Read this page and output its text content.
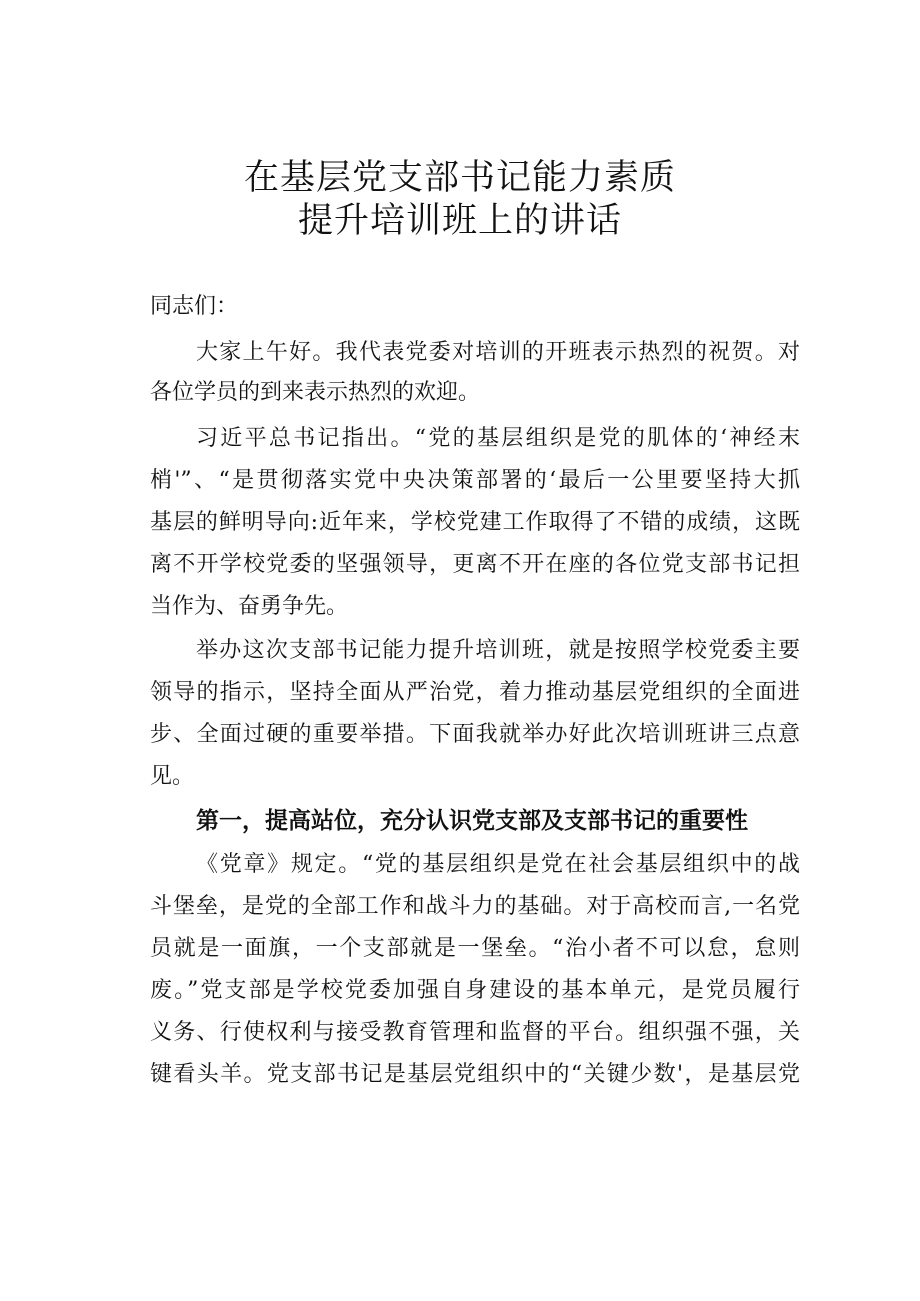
在基层党支部书记能力素质
提升培训班上的讲话
同志们：
大家上午好。我代表党委对培训的开班表示热烈的祝贺。对
各位学员的到来表示热烈的欢迎。
习近平总书记指出。“党的基层组织是党的肌体的‘神经末
梢'”、“是贯彻落实党中央决策部署的‘最后一公里要坚持大抓
基层的鲜明导向:近年来，学校党建工作取得了不错的成绩，这既
离不开学校党委的坚强领导，更离不开在座的各位党支部书记担
当作为、奋勇争先。
举办这次支部书记能力提升培训班，就是按照学校党委主要
领导的指示，坚持全面从严治党，着力推动基层党组织的全面进
步、全面过硬的重要举措。下面我就举办好此次培训班讲三点意
见。
第一，提高站位，充分认识党支部及支部书记的重要性
《党章》规定。“党的基层组织是党在社会基层组织中的战
斗堡垒，是党的全部工作和战斗力的基础。对于高校而言,一名党
员就是一面旗，一个支部就是一堡垒。“治小者不可以怠，怠则
废。”党支部是学校党委加强自身建设的基本单元，是党员履行
义务、行使权利与接受教育管理和监督的平台。组织强不强，关
键看头羊。党支部书记是基层党组织中的“关键少数'，是基层党
